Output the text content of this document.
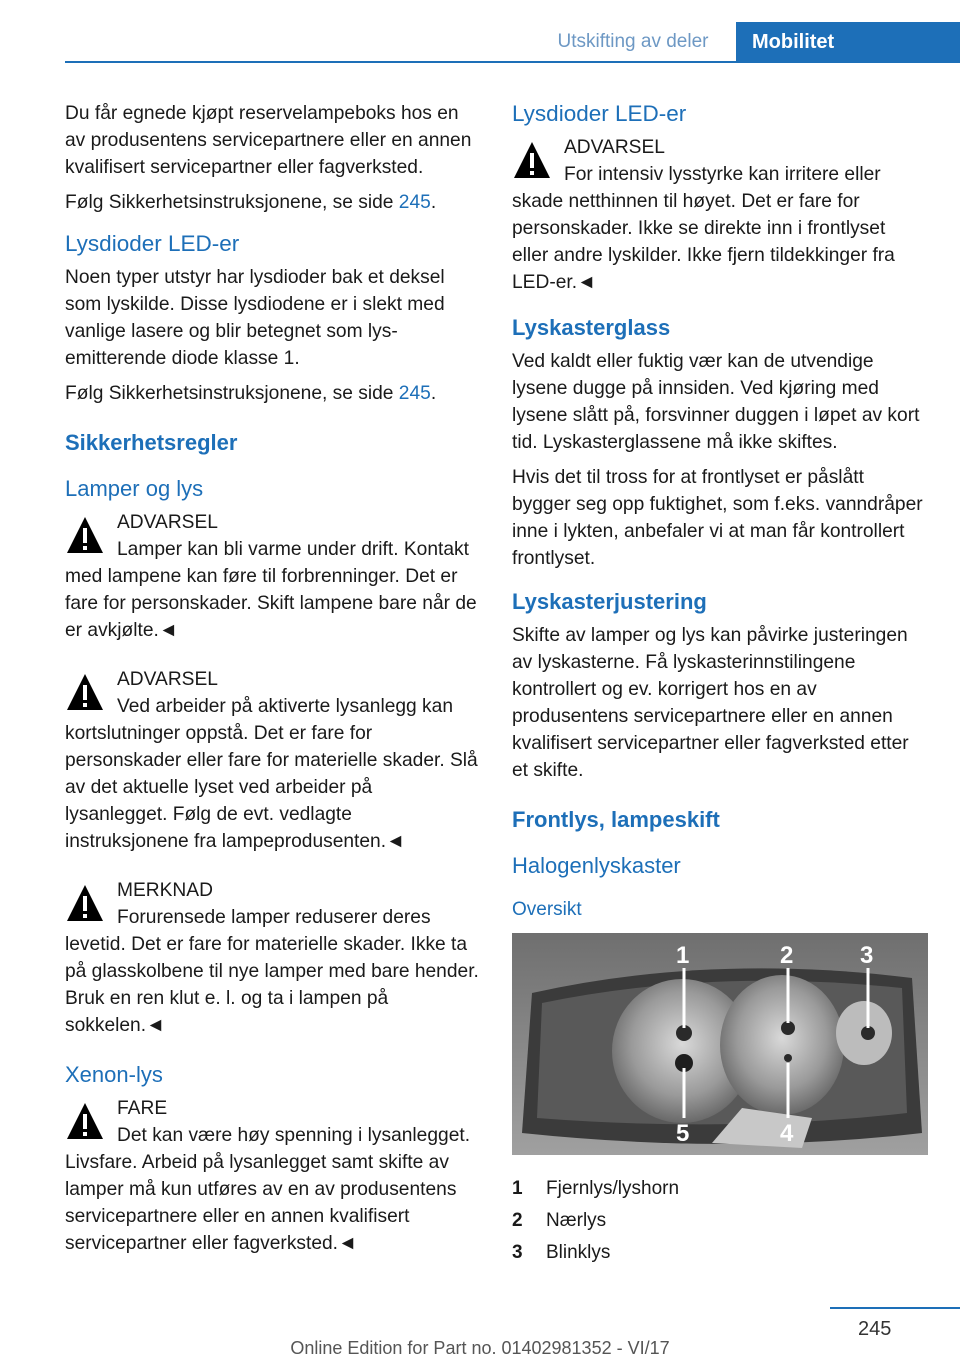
Utskifting av deler	Mobilitet

Du får egnede kjøpt reservelampeboks hos en av produsentens servicepartnere eller en annen kvalifisert servicepartner eller fagverksted.

Følg Sikkerhetsinstruksjonene, se side 245.

Lysdioder LED-er

Noen typer utstyr har lysdioder bak et deksel som lyskilde. Disse lysdiodene er i slekt med vanlige lasere og blir betegnet som lys-emitterende diode klasse 1.

Følg Sikkerhetsinstruksjonene, se side 245.

Sikkerhetsregler
Lamper og lys
ADVARSEL
Lamper kan bli varme under drift. Kontakt med lampene kan føre til forbrenninger. Det er fare for personskader. Skift lampene bare når de er avkjølte.◄
ADVARSEL
Ved arbeider på aktiverte lysanlegg kan kortslutninger oppstå. Det er fare for personskader eller fare for materielle skader. Slå av det aktuelle lyset ved arbeider på lysanlegget. Følg de evt. vedlagte instruksjonene fra lampeprodusenten.◄
MERKNAD
Forurensede lamper reduserer deres levetid. Det er fare for materielle skader. Ikke ta på glasskolbene til nye lamper med bare hender. Bruk en ren klut e. l. og ta i lampen på sokkelen.◄
Xenon-lys
FARE
Det kan være høy spenning i lysanlegget. Livsfare. Arbeid på lysanlegget samt skifte av lamper må kun utføres av en av produsentens servicepartnere eller en annen kvalifisert servicepartner eller fagverksted.◄
Lysdioder LED-er
ADVARSEL
For intensiv lysstyrke kan irritere eller skade netthinnen til høyet. Det er fare for personskader. Ikke se direkte inn i frontlyset eller andre lyskilder. Ikke fjern tildekkinger fra LED-er.◄
Lyskasterglass

Ved kaldt eller fuktig vær kan de utvendige lysene dugge på innsiden. Ved kjøring med lysene slått på, forsvinner duggen i løpet av kort tid. Lyskasterglassene må ikke skiftes.

Hvis det til tross for at frontlyset er påslått bygger seg opp fuktighet, som f.eks. vanndråper inne i lykten, anbefaler vi at man får kontrollert frontlyset.

Lyskasterjustering

Skifte av lamper og lys kan påvirke justeringen av lyskasterne. Få lyskasterinnstilingene kontrollert og ev. korrigert hos en av produsentens servicepartnere eller en annen kvalifisert servicepartner eller fagverksted etter et skifte.

Frontlys, lampeskift
Halogenlyskaster
Oversikt
1	2	3
4
5
1	Fjernlys/lyshorn
2	Nærlys
3	Blinklys
245
Online Edition for Part no. 01402981352 - VI/17
